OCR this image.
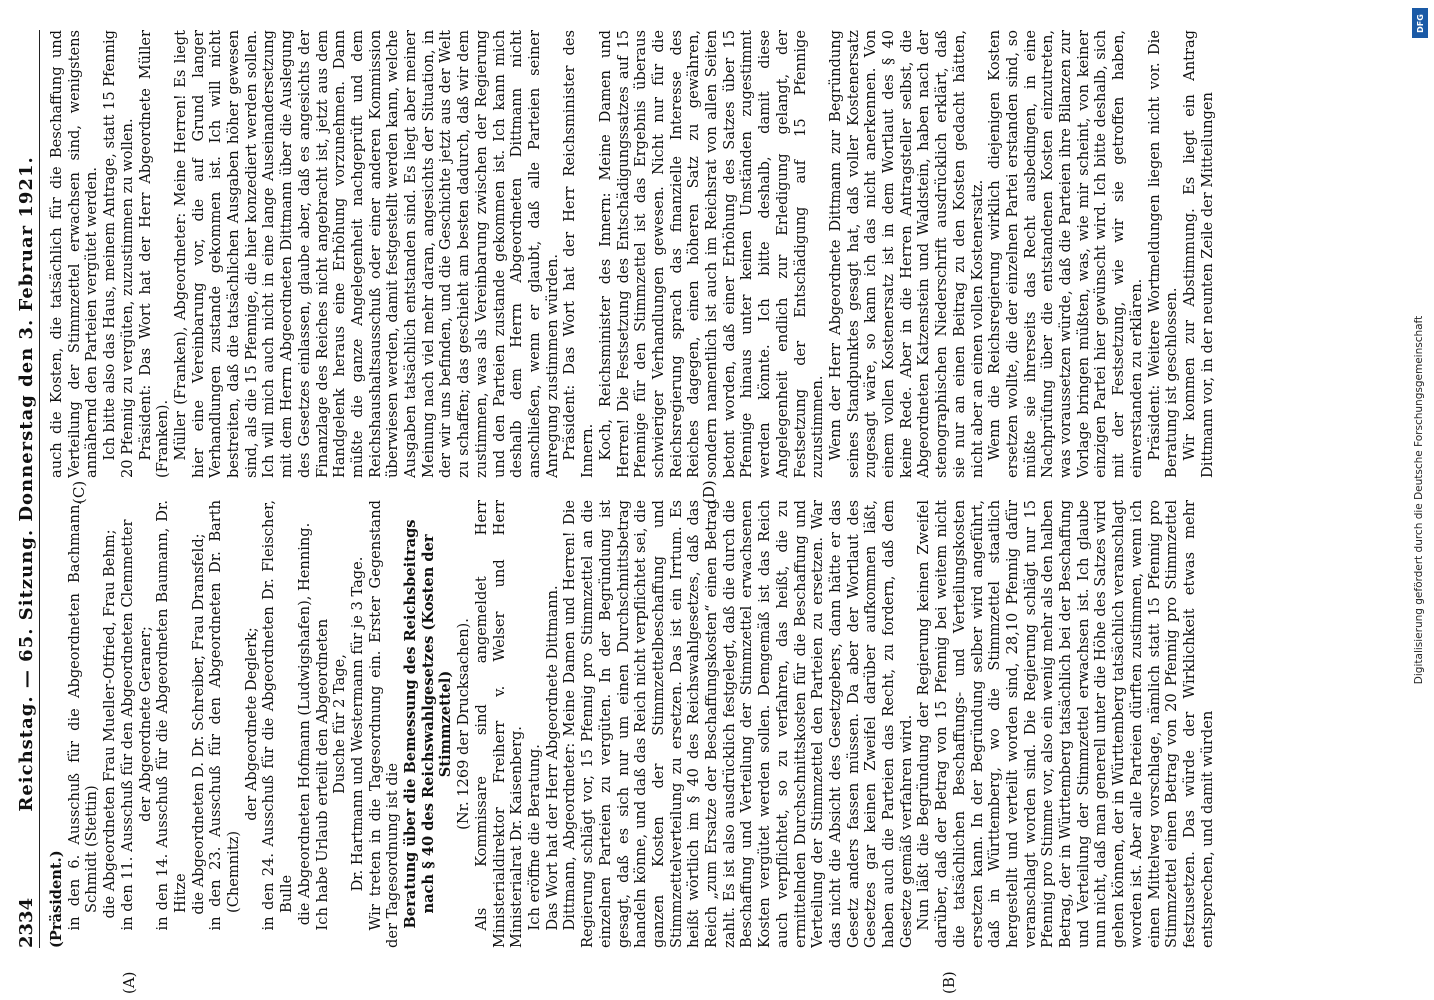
2334
Reichstag. — 65. Sitzung. Donnerstag den 3. Februar 1921.
(A)	(B)
(C)	(D)

(Präsident.) in den 6. Ausschuß für die Abgeordneten Bachmann, Schmidt (Stettin) die Abgeordneten Frau Mueller-Otfried, Frau Behm; in den 11. Ausschuß für den Abgeordneten Clemmetter der Abgeordnete Geraner; in den 14. Ausschuß für die Abgeordneten Baumann, Dr. Hitze die Abgeordneten D. Dr. Schreiber, Frau Dransfeld; in den 23. Ausschuß für den Abgeordneten Dr. Barth (Chemnitz)

der Abgeordnete Deglerk; in den 24. Ausschuß für die Abgeordneten Dr. Fleischer, Bulle die Abgeordneten Hofmann (Ludwigshafen), Henning. Ich habe Urlaub erteilt den Abgeordneten Dusche für 2 Tage, Dr. Hartmann und Westermann für je 3 Tage. Wir treten in die Tagesordnung ein. Erster Gegenstand der Tagesordnung ist die Beratung über die Bemessung des Reichsbeitrags nach § 40 des Reichswahlgesetzes (Kosten der Stimmzettel) (Nr. 1269 der Drucksachen). Als Kommissare sind angemeldet Herr Ministerialdirektor Freiherr v. Welser und Herr Ministerialrat Dr. Kaisenberg. Ich eröffne die Beratung. Das Wort hat der Herr Abgeordnete Dittmann. Dittmann, Abgeordneter: Meine Damen und Herren! Die Regierung schlägt vor, 15 Pfennig pro Stimmzettel an die einzelnen Parteien zu vergüten. In der Begründung ist gesagt, daß es sich nur um einen Durchschnittsbetrag handeln könne, und daß das Reich nicht verpflichtet sei, die ganzen Kosten der Stimmzettelbeschaffung und Stimmzettelverteilung zu ersetzen. Das ist ein Irrtum. Es heißt wörtlich im § 40 des Reichswahlgesetzes, daß das Reich „zum Ersatze der Beschaffungskosten“ einen Betrag zahlt. Es ist also ausdrücklich festgelegt, daß die durch die Beschaffung und Verteilung der Stimmzettel erwachsenen Kosten vergütet werden sollen. Demgemäß ist das Reich auch verpflichtet, so zu verfahren, das heißt, die zu ermittelnden Durchschnittskosten für die Beschaffung und Verteilung der Stimmzettel den Parteien zu ersetzen. War das nicht die Absicht des Gesetzgebers, dann hätte er das Gesetz anders fassen müssen. Da aber der Wortlaut des Gesetzes gar keinen Zweifel darüber aufkommen läßt, haben auch die Parteien das Recht, zu fordern, daß dem Gesetze gemäß verfahren wird. Nun läßt die Begründung der Regierung keinen Zweifel darüber, daß der Betrag von 15 Pfennig bei weitem nicht die tatsächlichen Beschaffungs- und Verteilungskosten ersetzen kann. In der Begründung selber wird angeführt, daß in Württemberg, wo die Stimmzettel staatlich hergestellt und verteilt worden sind, 28,10 Pfennig dafür veranschlagt worden sind. Die Regierung schlägt nur 15 Pfennig pro Stimme vor, also ein wenig mehr als den halben Betrag, der in Württemberg tatsächlich bei der Beschaffung und Verteilung der Stimmzettel erwachsen ist. Ich glaube nun nicht, daß man generell unter die Höhe des Satzes wird gehen können, der in Württemberg tatsächlich veranschlagt worden ist. Aber alle Parteien dürften zustimmen, wenn ich einen Mittelweg vorschlage, nämlich statt 15 Pfennig pro Stimmzettel einen Betrag von 20 Pfennig pro Stimmzettel festzusetzen. Das würde der Wirklichkeit etwas mehr entsprechen, und damit würden

auch die Kosten, die tatsächlich für die Beschaffung und Verteilung der Stimmzettel erwachsen sind, wenigstens annähernd den Parteien vergütet werden. Ich bitte also das Haus, meinem Antrage, statt 15 Pfennig 20 Pfennig zu vergüten, zuzustimmen zu wollen. Präsident: Das Wort hat der Herr Abgeordnete Müller (Franken). Müller (Franken), Abgeordneter: Meine Herren! Es liegt hier eine Vereinbarung vor, die auf Grund langer Verhandlungen zustande gekommen ist. Ich will nicht bestreiten, daß die tatsächlichen Ausgaben höher gewesen sind, als die 15 Pfennige, die hier konzediert werden sollen. Ich will mich auch nicht in eine lange Auseinandersetzung mit dem Herrn Abgeordneten Dittmann über die Auslegung des Gesetzes einlassen, glaube aber, daß es angesichts der Finanzlage des Reiches nicht angebracht ist, jetzt aus dem Handgelenk heraus eine Erhöhung vorzunehmen. Dann müßte die ganze Angelegenheit nachgeprüft und dem Reichshaushaltsausschuß oder einer anderen Kommission überwiesen werden, damit festgestellt werden kann, welche Ausgaben tatsächlich entstanden sind. Es liegt aber meiner Meinung nach viel mehr daran, angesichts der Situation, in der wir uns befinden, und die Geschichte jetzt aus der Welt zu schaffen; das geschieht am besten dadurch, daß wir dem zustimmen, was als Vereinbarung zwischen der Regierung und den Parteien zustande gekommen ist. Ich kann mich deshalb dem Herrn Abgeordneten Dittmann nicht anschließen, wenn er glaubt, daß alle Parteien seiner Anregung zustimmen würden. Präsident: Das Wort hat der Herr Reichsminister des Innern. Koch, Reichsminister des Innern: Meine Damen und Herren! Die Festsetzung des Entschädigungssatzes auf 15 Pfennige für den Stimmzettel ist das Ergebnis überaus schwieriger Verhandlungen gewesen. Nicht nur für die Reichsregierung sprach das finanzielle Interesse des Reiches dagegen, einen höheren Satz zu gewähren, sondern namentlich ist auch im Reichsrat von allen Seiten betont worden, daß einer Erhöhung des Satzes über 15 Pfennige hinaus unter keinen Umständen zugestimmt werden könnte. Ich bitte deshalb, damit diese Angelegenheit endlich zur Erledigung gelangt, der Festsetzung der Entschädigung auf 15 Pfennige zuzustimmen. Wenn der Herr Abgeordnete Dittmann zur Begründung seines Standpunktes gesagt hat, daß voller Kostenersatz zugesagt wäre, so kann ich das nicht anerkennen. Von einem vollen Kostenersatz ist in dem Wortlaut des § 40 keine Rede. Aber in die Herren Antragsteller selbst, die Abgeordneten Katzenstein und Waldstein, haben nach der stenographischen Niederschrift ausdrücklich erklärt, daß sie nur an einen Beitrag zu den Kosten gedacht hätten, nicht aber an einen vollen Kostenersatz. Wenn die Reichsregierung wirklich diejenigen Kosten ersetzen wollte, die der einzelnen Partei erstanden sind, so müßte sie ihrerseits das Recht ausbedingen, in eine Nachprüfung über die entstandenen Kosten einzutreten, was voraussetzen würde, daß die Parteien ihre Bilanzen zur Vorlage bringen müßten, was, wie mir scheint, von keiner einzigen Partei hier gewünscht wird. Ich bitte deshalb, sich mit der Festsetzung, wie wir sie getroffen haben, einverstanden zu erklären. Präsident: Weitere Wortmeldungen liegen nicht vor. Die Beratung ist geschlossen. Wir kommen zur Abstimmung. Es liegt ein Antrag Dittmann vor, in der neunten Zeile der Mitteilungen

Digitalisierung gefördert durch die Deutsche Forschungsgemeinschaft
DFG
